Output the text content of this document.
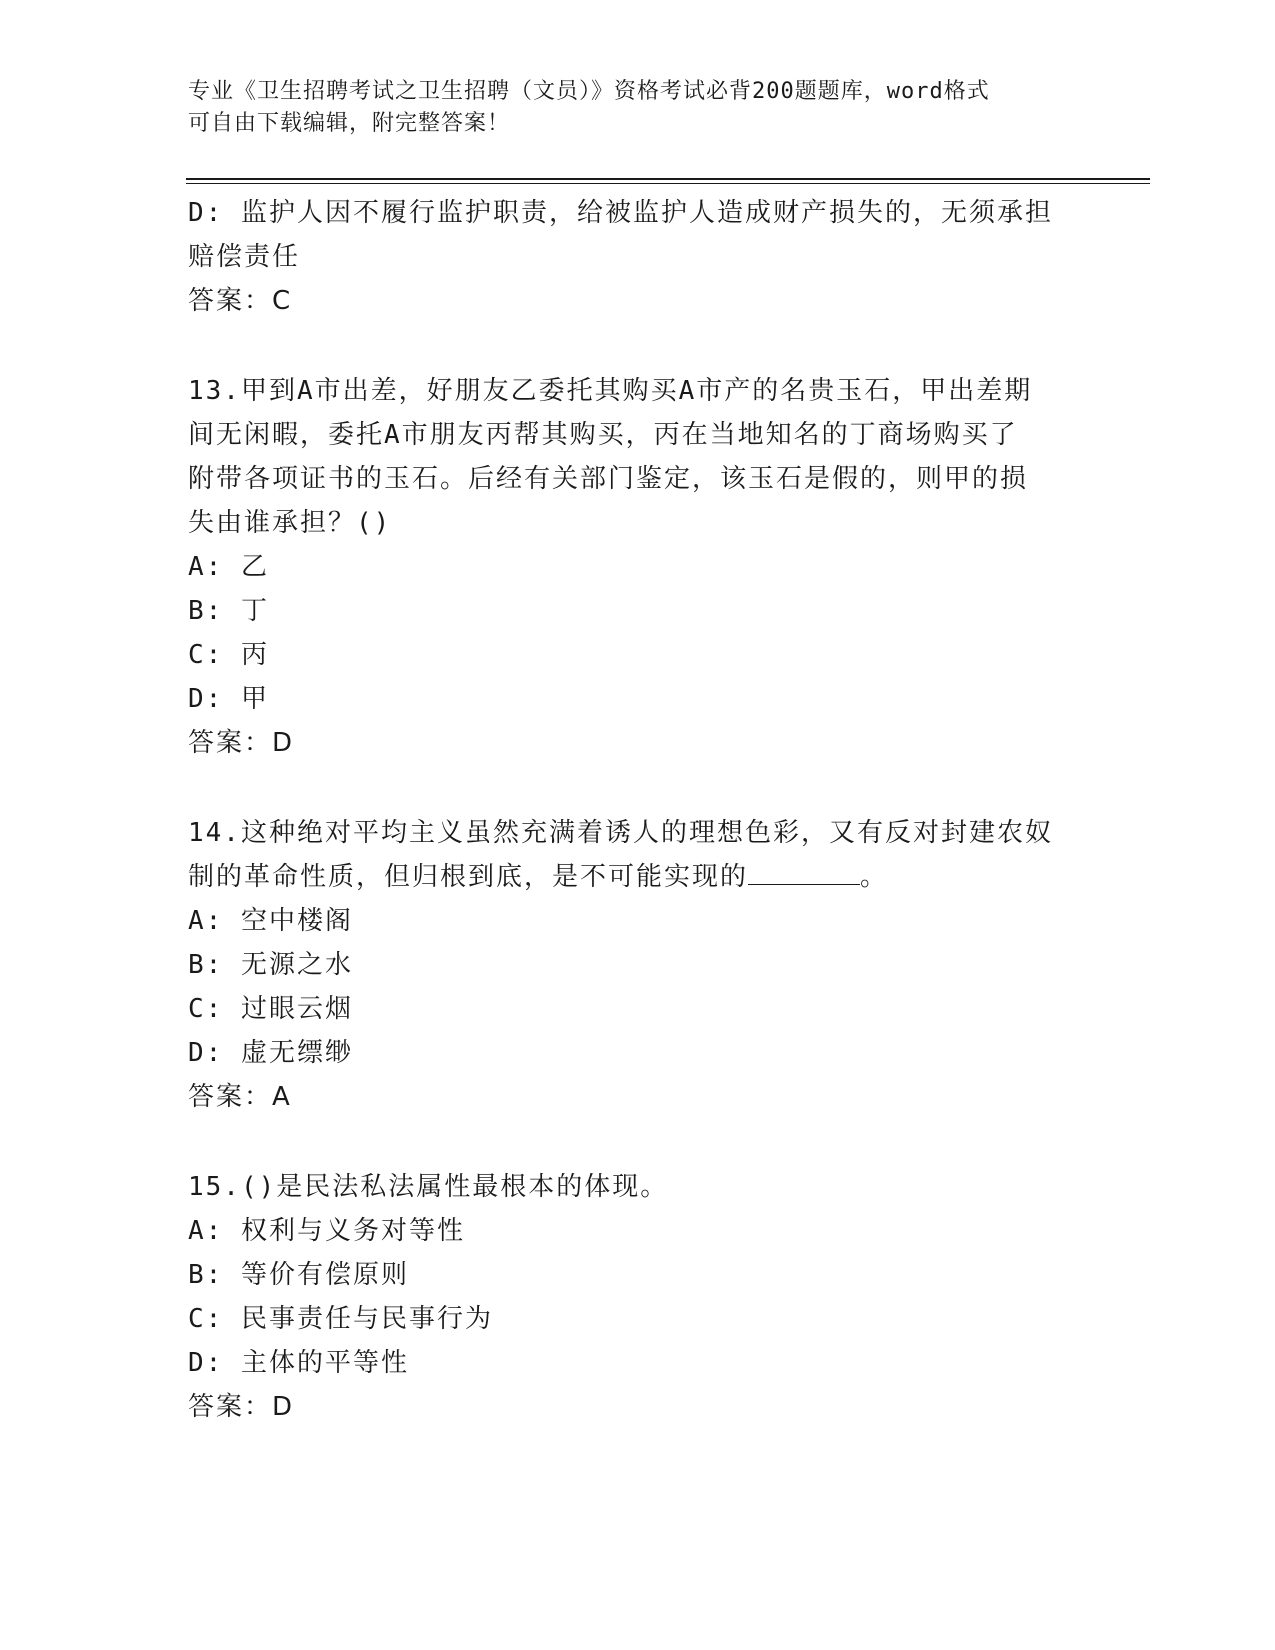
专业《卫生招聘考试之卫生招聘（文员）》资格考试必背200题题库，word格式
可自由下载编辑，附完整答案！
D: 监护人因不履行监护职责，给被监护人造成财产损失的，无须承担
赔偿责任
答案：C
13.甲到A市出差，好朋友乙委托其购买A市产的名贵玉石，甲出差期
间无闲暇，委托A市朋友丙帮其购买，丙在当地知名的丁商场购买了
附带各项证书的玉石。后经有关部门鉴定，该玉石是假的，则甲的损
失由谁承担？()
A: 乙
B: 丁
C: 丙
D: 甲
答案：D
14.这种绝对平均主义虽然充满着诱人的理想色彩，又有反对封建农奴
制的革命性质，但归根到底，是不可能实现的	。
A: 空中楼阁
B: 无源之水
C: 过眼云烟
D: 虚无缥缈
答案：A
15.()是民法私法属性最根本的体现。
A: 权利与义务对等性
B: 等价有偿原则
C: 民事责任与民事行为
D: 主体的平等性
答案：D
